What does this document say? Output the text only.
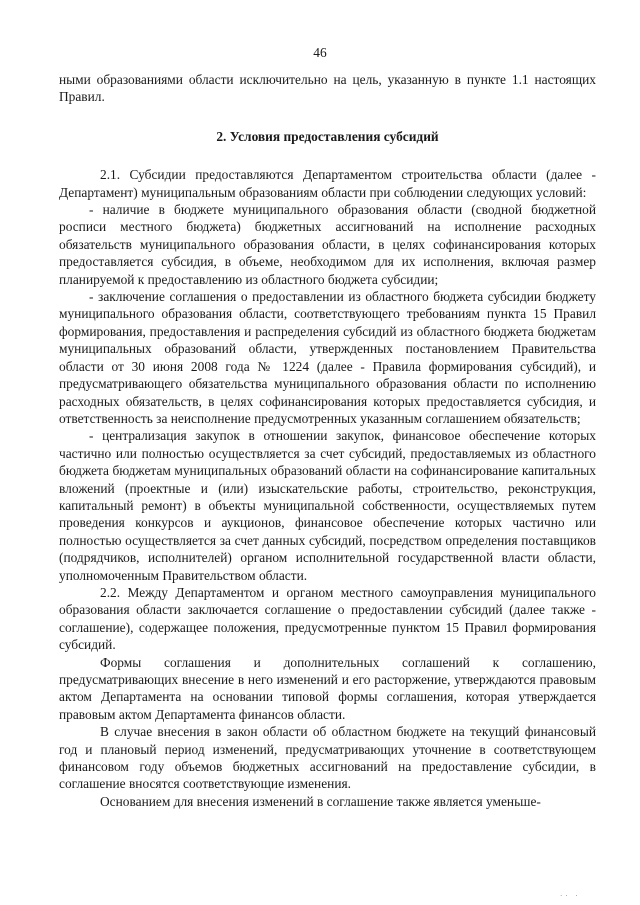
46

ными образованиями области исключительно на цель, указанную в пункте 1.1 настоящих Правил.

2. Условия предоставления субсидий

2.1. Субсидии предоставляются Департаментом строительства области (далее - Департамент) муниципальным образованиям области при соблюдении следующих условий:

- наличие в бюджете муниципального образования области (сводной бюджетной росписи местного бюджета) бюджетных ассигнований на исполнение расходных обязательств муниципального образования области, в целях софинансирования которых предоставляется субсидия, в объеме, необходимом для их исполнения, включая размер планируемой к предоставлению из областного бюджета субсидии;

- заключение соглашения о предоставлении из областного бюджета субсидии бюджету муниципального образования области, соответствующего требованиям пункта 15 Правил формирования, предоставления и распределения субсидий из областного бюджета бюджетам муниципальных образований области, утвержденных постановлением Правительства области от 30 июня 2008 года № 1224 (далее - Правила формирования субсидий), и предусматривающего обязательства муниципального образования области по исполнению расходных обязательств, в целях софинансирования которых предоставляется субсидия, и ответственность за неисполнение предусмотренных указанным соглашением обязательств;

- централизация закупок в отношении закупок, финансовое обеспечение которых частично или полностью осуществляется за счет субсидий, предоставляемых из областного бюджета бюджетам муниципальных образований области на софинансирование капитальных вложений (проектные и (или) изыскательские работы, строительство, реконструкция, капитальный ремонт) в объекты муниципальной собственности, осуществляемых путем проведения конкурсов и аукционов, финансовое обеспечение которых частично или полностью осуществляется за счет данных субсидий, посредством определения поставщиков (подрядчиков, исполнителей) органом исполнительной государственной власти области, уполномоченным Правительством области.

2.2. Между Департаментом и органом местного самоуправления муниципального образования области заключается соглашение о предоставлении субсидий (далее также - соглашение), содержащее положения, предусмотренные пунктом 15 Правил формирования субсидий.

Формы соглашения и дополнительных соглашений к соглашению, предусматривающих внесение в него изменений и его расторжение, утверждаются правовым актом Департамента на основании типовой формы соглашения, которая утверждается правовым актом Департамента финансов области.

В случае внесения в закон области об областном бюджете на текущий финансовый год и плановый период изменений, предусматривающих уточнение в соответствующем финансовом году объемов бюджетных ассигнований на предоставление субсидии, в соглашение вносятся соответствующие изменения.

Основанием для внесения изменений в соглашение также является уменьше-

·· ·
